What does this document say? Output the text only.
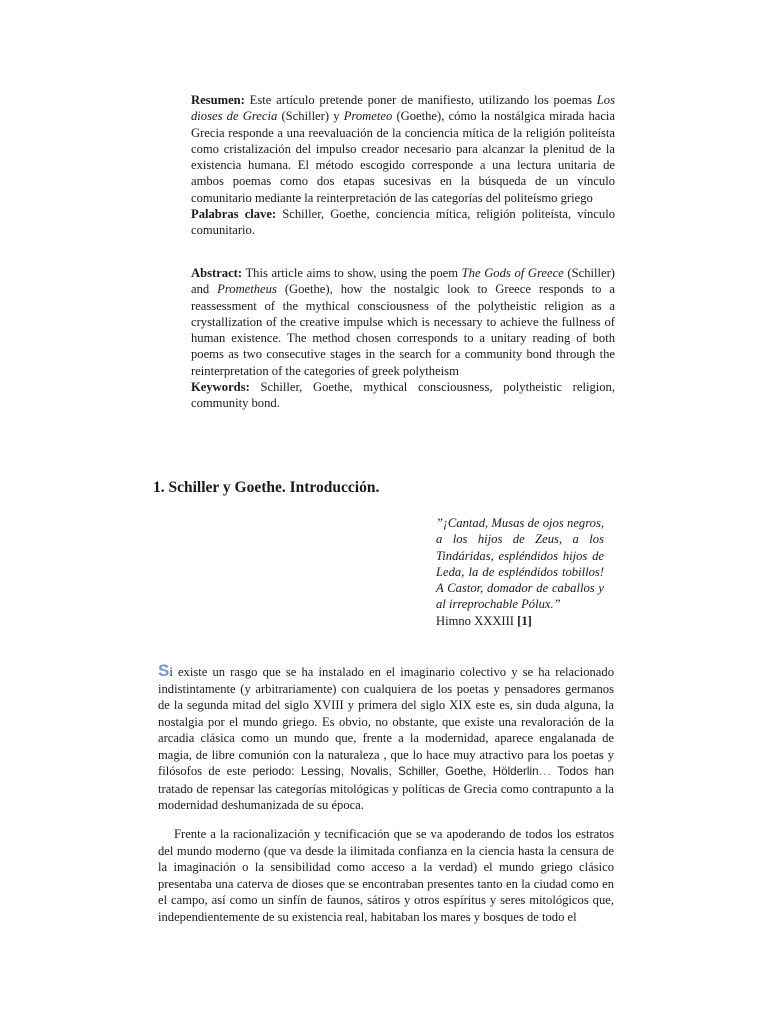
Resumen: Este artículo pretende poner de manifiesto, utilizando los poemas Los dioses de Grecia (Schiller) y Prometeo (Goethe), cómo la nostálgica mirada hacia Grecia responde a una reevaluación de la conciencia mítica de la religión politeísta como cristalización del impulso creador necesario para alcanzar la plenitud de la existencia humana. El método escogido corresponde a una lectura unitaria de ambos poemas como dos etapas sucesivas en la búsqueda de un vínculo comunitario mediante la reinterpretación de las categorías del politeísmo griego

Palabras clave: Schiller, Goethe, conciencia mítica, religión politeísta, vínculo comunitario.

Abstract: This article aims to show, using the poem The Gods of Greece (Schiller) and Prometheus (Goethe), how the nostalgic look to Greece responds to a reassessment of the mythical consciousness of the polytheistic religion as a crystallization of the creative impulse which is necessary to achieve the fullness of human existence. The method chosen corresponds to a unitary reading of both poems as two consecutive stages in the search for a community bond through the reinterpretation of the categories of greek polytheism

Keywords: Schiller, Goethe, mythical consciousness, polytheistic religion, community bond.

1. Schiller y Goethe. Introducción.

”¡Cantad, Musas de ojos negros, a los hijos de Zeus, a los Tindáridas, espléndidos hijos de Leda, la de espléndidos tobillos! A Castor, domador de caballos y al irreprochable Pólux.”

Himno XXXIII [1]

Si existe un rasgo que se ha instalado en el imaginario colectivo y se ha relacionado indistintamente (y arbitrariamente) con cualquiera de los poetas y pensadores germanos de la segunda mitad del siglo XVIII y primera del siglo XIX este es, sin duda alguna, la nostalgia por el mundo griego. Es obvio, no obstante, que existe una revaloración de la arcadia clásica como un mundo que, frente a la modernidad, aparece engalanada de magia, de libre comunión con la naturaleza , que lo hace muy atractivo para los poetas y filósofos de este periodo: Lessing, Novalis, Schiller, Goethe, Hölderlin… Todos han tratado de repensar las categorías mitológicas y políticas de Grecia como contrapunto a la modernidad deshumanizada de su época.

Frente a la racionalización y tecnificación que se va apoderando de todos los estratos del mundo moderno (que va desde la ilimitada confianza en la ciencia hasta la censura de la imaginación o la sensibilidad como acceso a la verdad) el mundo griego clásico presentaba una caterva de dioses que se encontraban presentes tanto en la ciudad como en el campo, así como un sinfín de faunos, sátiros y otros espíritus y seres mitológicos que, independientemente de su existencia real, habitaban los mares y bosques de todo el
